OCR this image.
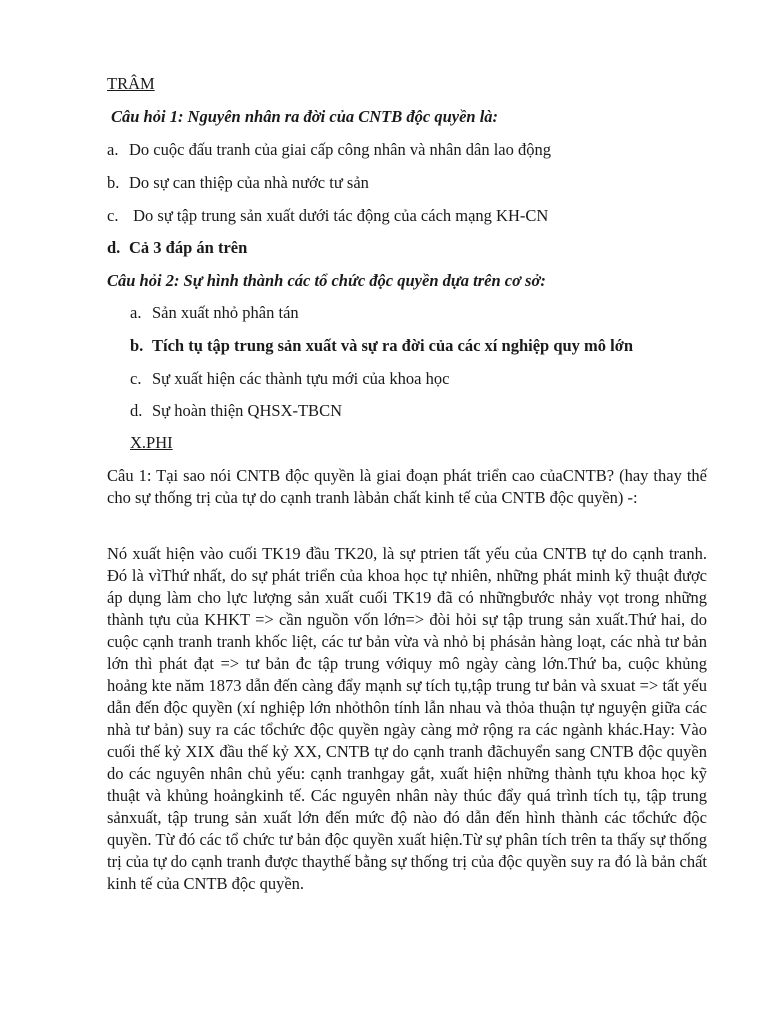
TRÂM
Câu hỏi 1: Nguyên nhân ra đời của CNTB độc quyền là:
a. Do cuộc đấu tranh của giai cấp công nhân và nhân dân lao động
b. Do sự can thiệp của nhà nước tư sản
c. Do sự tập trung sản xuất dưới tác động của cách mạng KH-CN
d. Cả 3 đáp án trên
Câu hỏi 2: Sự hình thành các tổ chức độc quyền dựa trên cơ sở:
a. Sản xuất nhỏ phân tán
b. Tích tụ tập trung sản xuất và sự ra đời của các xí nghiệp quy mô lớn
c. Sự xuất hiện các thành tựu mới của khoa học
d. Sự hoàn thiện QHSX-TBCN
X.PHI
Câu 1: Tại sao nói CNTB độc quyền là giai đoạn phát triển cao củaCNTB? (hay thay thế cho sự thống trị của tự do cạnh tranh làbản chất kinh tế của CNTB độc quyền) -:
Nó xuất hiện vào cuối TK19 đầu TK20, là sự ptrien tất yếu của CNTB tự do cạnh tranh. Đó là vìThứ nhất, do sự phát triển của khoa học tự nhiên, những phát minh kỹ thuật được áp dụng làm cho lực lượng sản xuất cuối TK19 đã có nhữngbước nhảy vọt trong những thành tựu của KHKT => cần nguồn vốn lớn=> đòi hỏi sự tập trung sản xuất.Thứ hai, do cuộc cạnh tranh tranh khốc liệt, các tư bản vừa và nhỏ bị phásản hàng loạt, các nhà tư bản lớn thì phát đạt => tư bản đc tập trung vớiquy mô ngày càng lớn.Thứ ba, cuộc khủng hoảng kte năm 1873 dẫn đến càng đẩy mạnh sự tích tụ,tập trung tư bản và sxuat => tất yếu dẫn đến độc quyền (xí nghiệp lớn nhỏthôn tính lẫn nhau và thỏa thuận tự nguyện giữa các nhà tư bản) suy ra các tổchức độc quyền ngày càng mở rộng ra các ngành khác.Hay: Vào cuối thế kỷ XIX đầu thế kỷ XX, CNTB tự do cạnh tranh đãchuyển sang CNTB độc quyền do các nguyên nhân chủ yếu: cạnh tranhgay gắt, xuất hiện những thành tựu khoa học kỹ thuật và khủng hoảngkinh tế. Các nguyên nhân này thúc đẩy quá trình tích tụ, tập trung sảnxuất, tập trung sản xuất lớn đến mức độ nào đó dẫn đến hình thành các tổchức độc quyền. Từ đó các tổ chức tư bản độc quyền xuất hiện.Từ sự phân tích trên ta thấy sự thống trị của tự do cạnh tranh được thaythế bằng sự thống trị của độc quyền suy ra đó là bản chất kinh tế của CNTB độc quyền.
